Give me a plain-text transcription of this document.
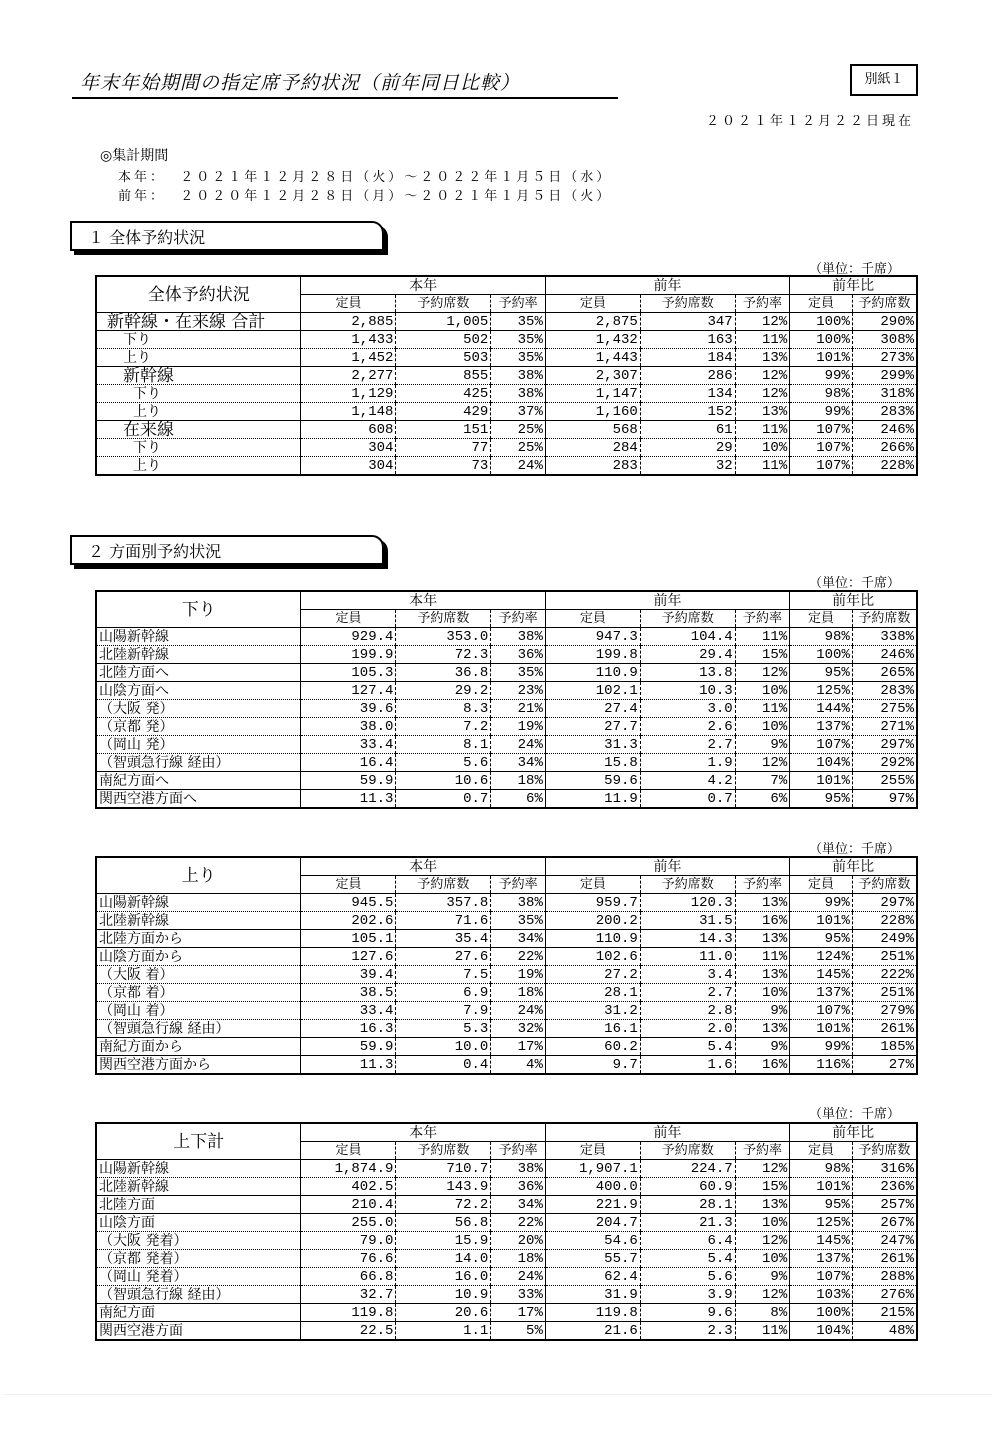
年末年始期間の指定席予約状況（前年同日比較）	別紙１
２０２１年１２月２２日現在
◎集計期間
本年： ２０２１年１２月２８日（火）～２０２２年１月５日（水）
前年： ２０２０年１２月２８日（月）～２０２１年１月５日（火）
１ 全体予約状況
（単位：千席）
全体予約状況	本年			前年			前年比	
	定員	予約席数	予約率	定員	予約席数	予約率	定員	予約席数
新幹線・在来線 合計	2,885	1,005	35%	2,875	347	12%	100%	290%
下り	1,433	502	35%	1,432	163	11%	100%	308%
上り	1,452	503	35%	1,443	184	13%	101%	273%
新幹線	2,277	855	38%	2,307	286	12%	99%	299%
下り	1,129	425	38%	1,147	134	12%	98%	318%
上り	1,148	429	37%	1,160	152	13%	99%	283%
在来線	608	151	25%	568	61	11%	107%	246%
下り	304	77	25%	284	29	10%	107%	266%
上り	304	73	24%	283	32	11%	107%	228%
２ 方面別予約状況
（単位：千席）
下り	本年			前年			前年比	
	定員	予約席数	予約率	定員	予約席数	予約率	定員	予約席数
山陽新幹線	929.4	353.0	38%	947.3	104.4	11%	98%	338%
北陸新幹線	199.9	72.3	36%	199.8	29.4	15%	100%	246%
北陸方面へ	105.3	36.8	35%	110.9	13.8	12%	95%	265%
山陰方面へ	127.4	29.2	23%	102.1	10.3	10%	125%	283%
（大阪 発）	39.6	8.3	21%	27.4	3.0	11%	144%	275%
（京都 発）	38.0	7.2	19%	27.7	2.6	10%	137%	271%
（岡山 発）	33.4	8.1	24%	31.3	2.7	9%	107%	297%
（智頭急行線 経由）	16.4	5.6	34%	15.8	1.9	12%	104%	292%
南紀方面へ	59.9	10.6	18%	59.6	4.2	7%	101%	255%
関西空港方面へ	11.3	0.7	6%	11.9	0.7	6%	95%	97%
（単位：千席）
上り	本年			前年			前年比	
	定員	予約席数	予約率	定員	予約席数	予約率	定員	予約席数
山陽新幹線	945.5	357.8	38%	959.7	120.3	13%	99%	297%
北陸新幹線	202.6	71.6	35%	200.2	31.5	16%	101%	228%
北陸方面から	105.1	35.4	34%	110.9	14.3	13%	95%	249%
山陰方面から	127.6	27.6	22%	102.6	11.0	11%	124%	251%
（大阪 着）	39.4	7.5	19%	27.2	3.4	13%	145%	222%
（京都 着）	38.5	6.9	18%	28.1	2.7	10%	137%	251%
（岡山 着）	33.4	7.9	24%	31.2	2.8	9%	107%	279%
（智頭急行線 経由）	16.3	5.3	32%	16.1	2.0	13%	101%	261%
南紀方面から	59.9	10.0	17%	60.2	5.4	9%	99%	185%
関西空港方面から	11.3	0.4	4%	9.7	1.6	16%	116%	27%
（単位：千席）
上下計	本年			前年			前年比	
	定員	予約席数	予約率	定員	予約席数	予約率	定員	予約席数
山陽新幹線	1,874.9	710.7	38%	1,907.1	224.7	12%	98%	316%
北陸新幹線	402.5	143.9	36%	400.0	60.9	15%	101%	236%
北陸方面	210.4	72.2	34%	221.9	28.1	13%	95%	257%
山陰方面	255.0	56.8	22%	204.7	21.3	10%	125%	267%
（大阪 発着）	79.0	15.9	20%	54.6	6.4	12%	145%	247%
（京都 発着）	76.6	14.0	18%	55.7	5.4	10%	137%	261%
（岡山 発着）	66.8	16.0	24%	62.4	5.6	9%	107%	288%
（智頭急行線 経由）	32.7	10.9	33%	31.9	3.9	12%	103%	276%
南紀方面	119.8	20.6	17%	119.8	9.6	8%	100%	215%
関西空港方面	22.5	1.1	5%	21.6	2.3	11%	104%	48%
